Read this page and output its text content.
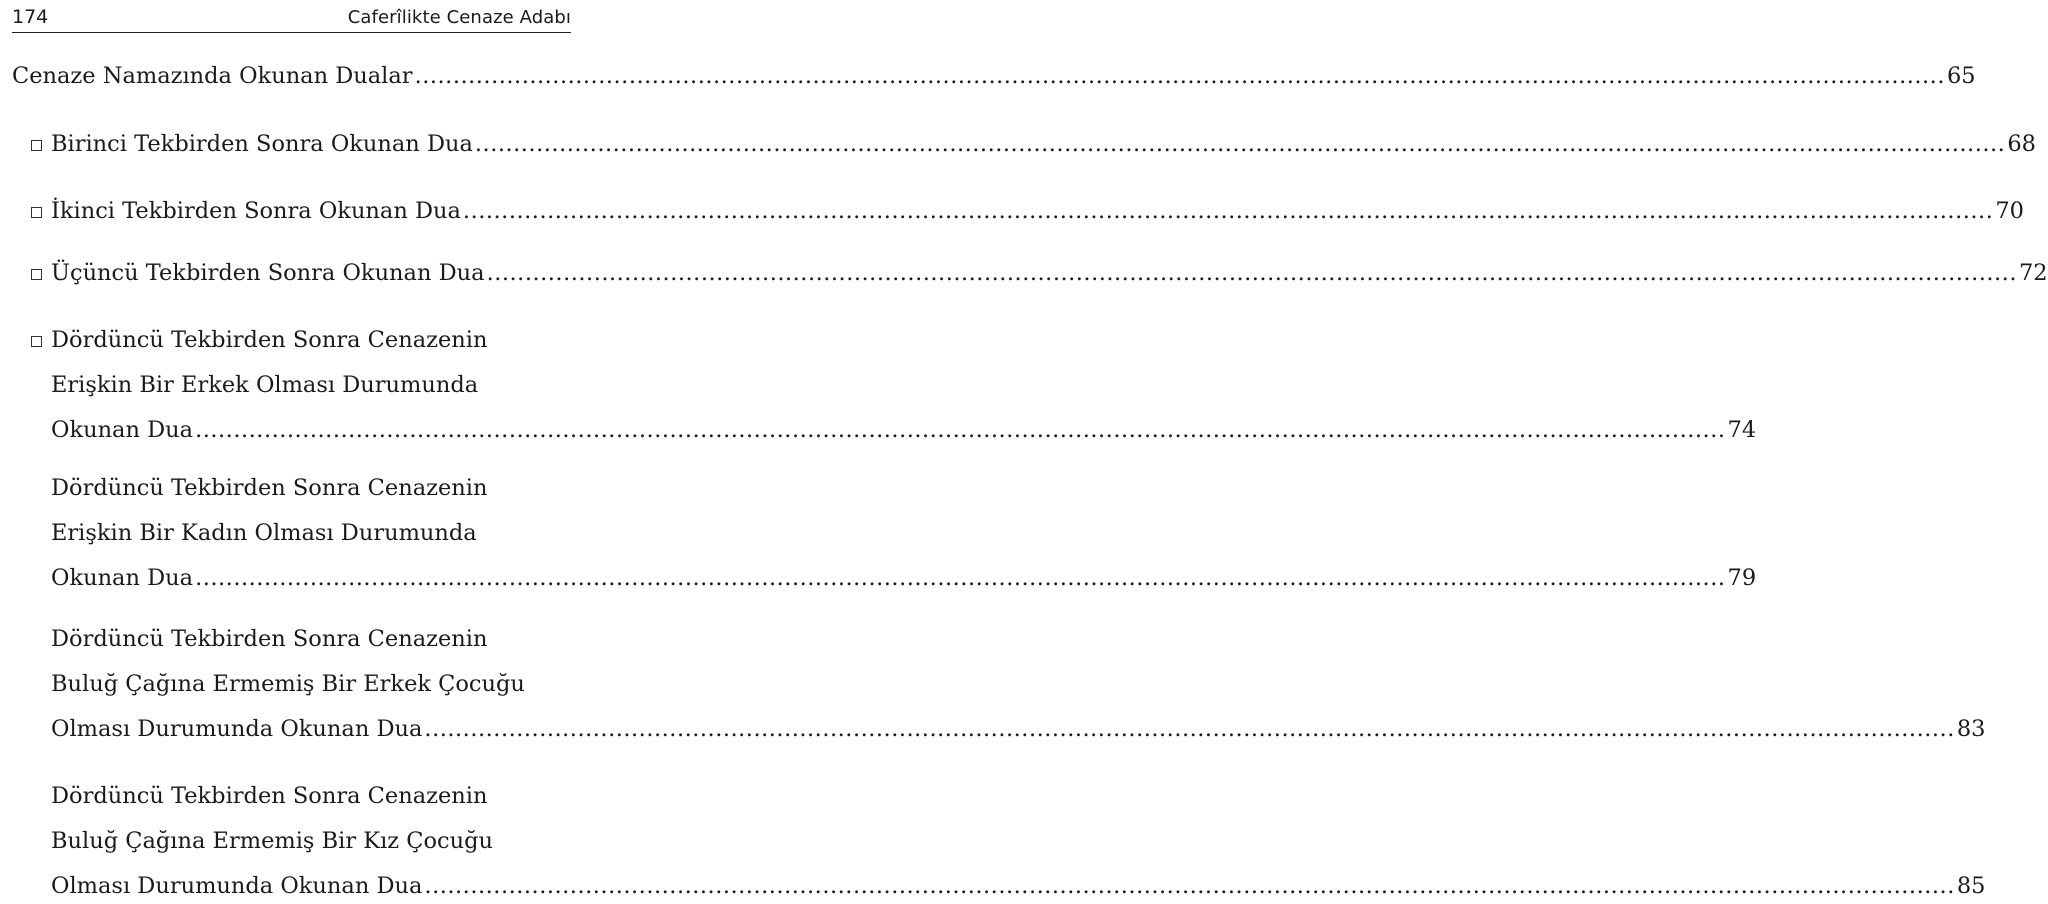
174	Caferîlikte Cenaze Adabı
Cenaze Namazında Okunan Dualar ........................................................................................................................................................................................................ 65
Birinci Tekbirden Sonra Okunan Dua ........................................................................................................................................................................................................ 68
İkinci Tekbirden Sonra Okunan Dua ........................................................................................................................................................................................................ 70
Üçüncü Tekbirden Sonra Okunan Dua ........................................................................................................................................................................................................ 72
Dördüncü Tekbirden Sonra Cenazenin
Erişkin Bir Erkek Olması Durumunda
Okunan Dua ........................................................................................................................................................................................................ 74
Dördüncü Tekbirden Sonra Cenazenin
Erişkin Bir Kadın Olması Durumunda
Okunan Dua ........................................................................................................................................................................................................ 79
Dördüncü Tekbirden Sonra Cenazenin
Buluğ Çağına Ermemiş Bir Erkek Çocuğu
Olması Durumunda Okunan Dua ........................................................................................................................................................................................................ 83
Dördüncü Tekbirden Sonra Cenazenin
Buluğ Çağına Ermemiş Bir Kız Çocuğu
Olması Durumunda Okunan Dua ........................................................................................................................................................................................................ 85
